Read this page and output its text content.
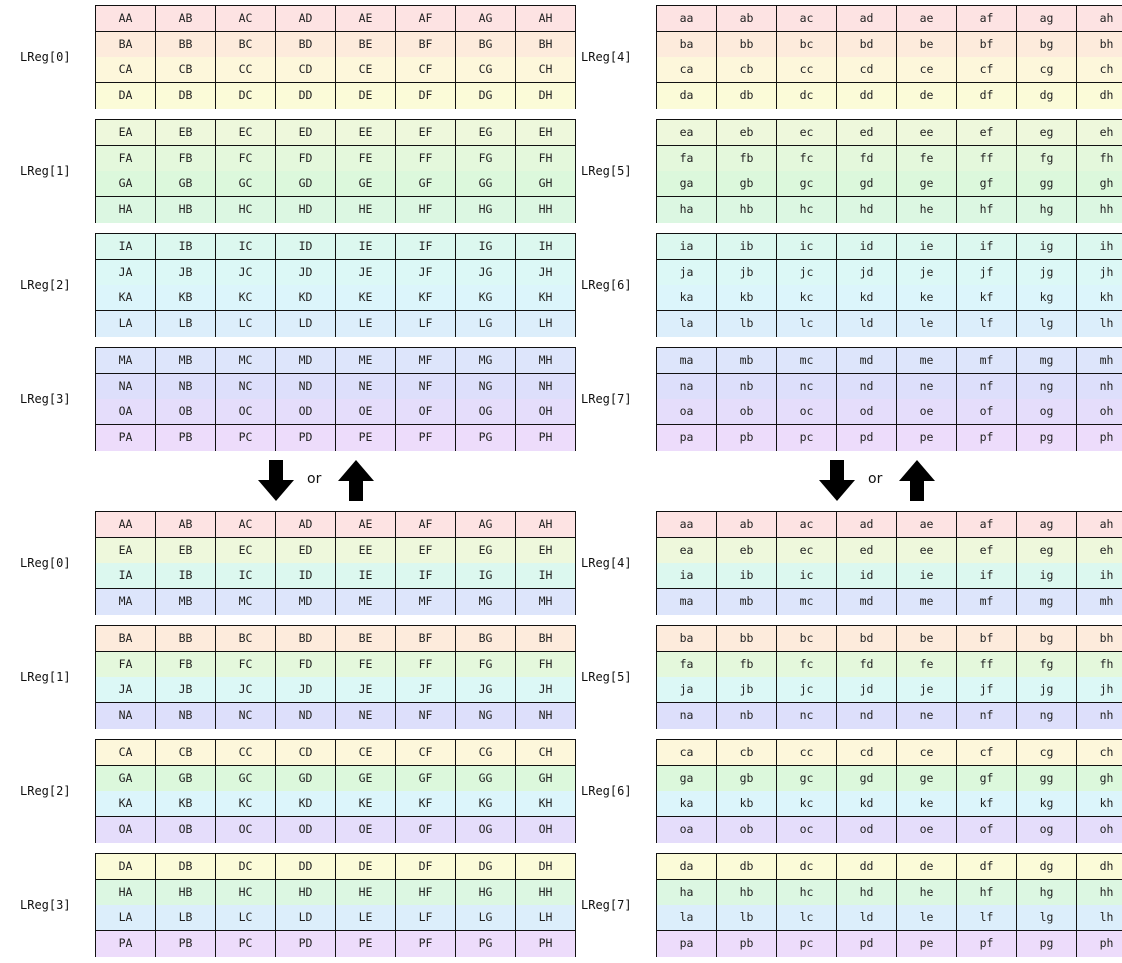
LReg[0]
AA	AB	AC	AD	AE	AF	AG	AH
BA	BB	BC	BD	BE	BF	BG	BH
CA	CB	CC	CD	CE	CF	CG	CH
DA	DB	DC	DD	DE	DF	DG	DH
LReg[1]
EA	EB	EC	ED	EE	EF	EG	EH
FA	FB	FC	FD	FE	FF	FG	FH
GA	GB	GC	GD	GE	GF	GG	GH
HA	HB	HC	HD	HE	HF	HG	HH
LReg[2]
IA	IB	IC	ID	IE	IF	IG	IH
JA	JB	JC	JD	JE	JF	JG	JH
KA	KB	KC	KD	KE	KF	KG	KH
LA	LB	LC	LD	LE	LF	LG	LH
LReg[3]
MA	MB	MC	MD	ME	MF	MG	MH
NA	NB	NC	ND	NE	NF	NG	NH
OA	OB	OC	OD	OE	OF	OG	OH
PA	PB	PC	PD	PE	PF	PG	PH
LReg[4]
aa	ab	ac	ad	ae	af	ag	ah
ba	bb	bc	bd	be	bf	bg	bh
ca	cb	cc	cd	ce	cf	cg	ch
da	db	dc	dd	de	df	dg	dh
LReg[5]
ea	eb	ec	ed	ee	ef	eg	eh
fa	fb	fc	fd	fe	ff	fg	fh
ga	gb	gc	gd	ge	gf	gg	gh
ha	hb	hc	hd	he	hf	hg	hh
LReg[6]
ia	ib	ic	id	ie	if	ig	ih
ja	jb	jc	jd	je	jf	jg	jh
ka	kb	kc	kd	ke	kf	kg	kh
la	lb	lc	ld	le	lf	lg	lh
LReg[7]
ma	mb	mc	md	me	mf	mg	mh
na	nb	nc	nd	ne	nf	ng	nh
oa	ob	oc	od	oe	of	og	oh
pa	pb	pc	pd	pe	pf	pg	ph
LReg[0]
AA	AB	AC	AD	AE	AF	AG	AH
EA	EB	EC	ED	EE	EF	EG	EH
IA	IB	IC	ID	IE	IF	IG	IH
MA	MB	MC	MD	ME	MF	MG	MH
LReg[1]
BA	BB	BC	BD	BE	BF	BG	BH
FA	FB	FC	FD	FE	FF	FG	FH
JA	JB	JC	JD	JE	JF	JG	JH
NA	NB	NC	ND	NE	NF	NG	NH
LReg[2]
CA	CB	CC	CD	CE	CF	CG	CH
GA	GB	GC	GD	GE	GF	GG	GH
KA	KB	KC	KD	KE	KF	KG	KH
OA	OB	OC	OD	OE	OF	OG	OH
LReg[3]
DA	DB	DC	DD	DE	DF	DG	DH
HA	HB	HC	HD	HE	HF	HG	HH
LA	LB	LC	LD	LE	LF	LG	LH
PA	PB	PC	PD	PE	PF	PG	PH
LReg[4]
aa	ab	ac	ad	ae	af	ag	ah
ea	eb	ec	ed	ee	ef	eg	eh
ia	ib	ic	id	ie	if	ig	ih
ma	mb	mc	md	me	mf	mg	mh
LReg[5]
ba	bb	bc	bd	be	bf	bg	bh
fa	fb	fc	fd	fe	ff	fg	fh
ja	jb	jc	jd	je	jf	jg	jh
na	nb	nc	nd	ne	nf	ng	nh
LReg[6]
ca	cb	cc	cd	ce	cf	cg	ch
ga	gb	gc	gd	ge	gf	gg	gh
ka	kb	kc	kd	ke	kf	kg	kh
oa	ob	oc	od	oe	of	og	oh
LReg[7]
da	db	dc	dd	de	df	dg	dh
ha	hb	hc	hd	he	hf	hg	hh
la	lb	lc	ld	le	lf	lg	lh
pa	pb	pc	pd	pe	pf	pg	ph
or	or
